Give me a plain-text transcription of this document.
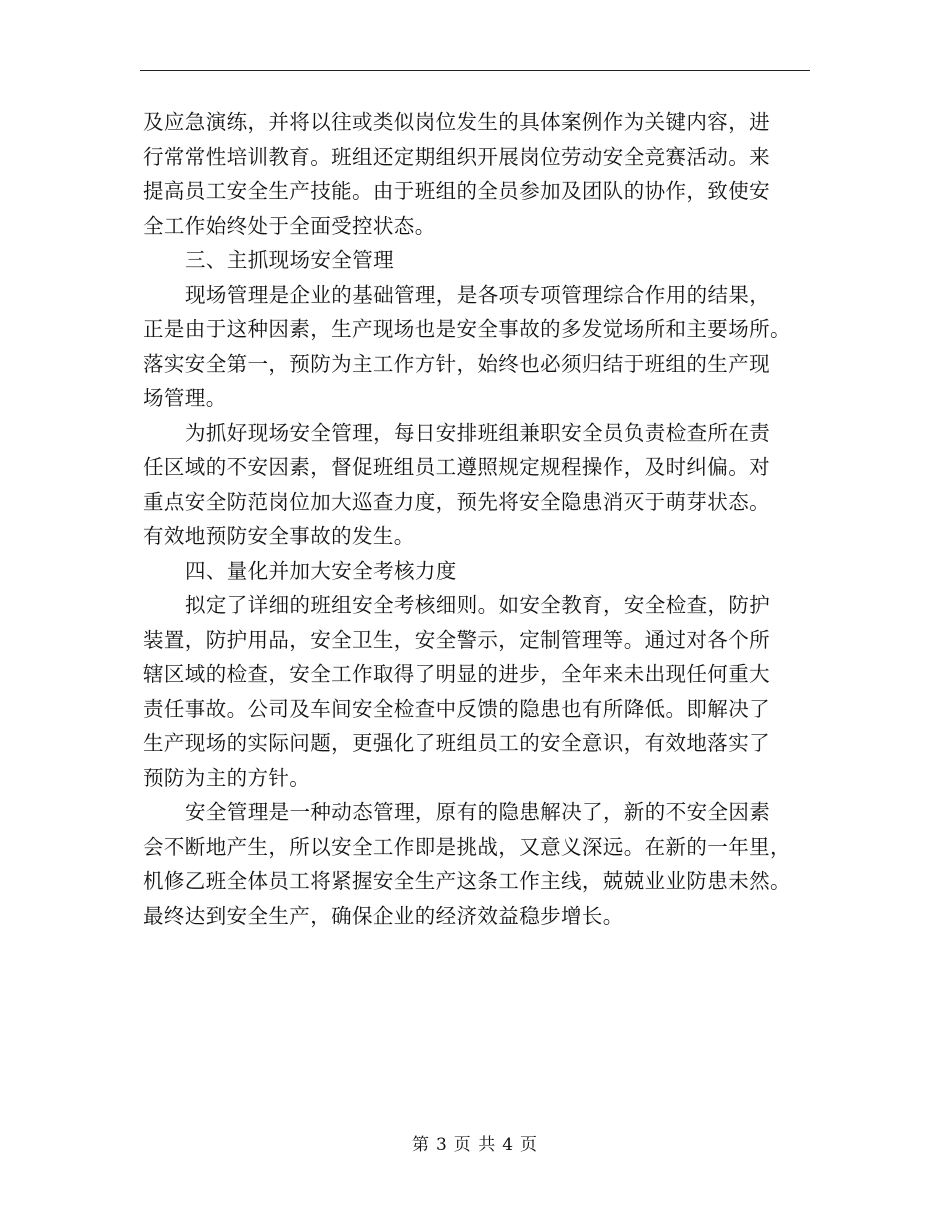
及应急演练，并将以往或类似岗位发生的具体案例作为关键内容，进

行常常性培训教育。班组还定期组织开展岗位劳动安全竞赛活动。来

提高员工安全生产技能。由于班组的全员参加及团队的协作，致使安

全工作始终处于全面受控状态。

三、主抓现场安全管理

现场管理是企业的基础管理，是各项专项管理综合作用的结果，

正是由于这种因素，生产现场也是安全事故的多发觉场所和主要场所。

落实安全第一，预防为主工作方针，始终也必须归结于班组的生产现

场管理。

为抓好现场安全管理，每日安排班组兼职安全员负责检查所在责

任区域的不安因素，督促班组员工遵照规定规程操作，及时纠偏。对

重点安全防范岗位加大巡查力度，预先将安全隐患消灭于萌芽状态。

有效地预防安全事故的发生。

四、量化并加大安全考核力度

拟定了详细的班组安全考核细则。如安全教育，安全检查，防护

装置，防护用品，安全卫生，安全警示，定制管理等。通过对各个所

辖区域的检查，安全工作取得了明显的进步，全年来未出现任何重大

责任事故。公司及车间安全检查中反馈的隐患也有所降低。即解决了

生产现场的实际问题，更强化了班组员工的安全意识，有效地落实了

预防为主的方针。

安全管理是一种动态管理，原有的隐患解决了，新的不安全因素

会不断地产生，所以安全工作即是挑战，又意义深远。在新的一年里，

机修乙班全体员工将紧握安全生产这条工作主线，兢兢业业防患未然。

最终达到安全生产，确保企业的经济效益稳步增长。

第 3 页 共 4 页
